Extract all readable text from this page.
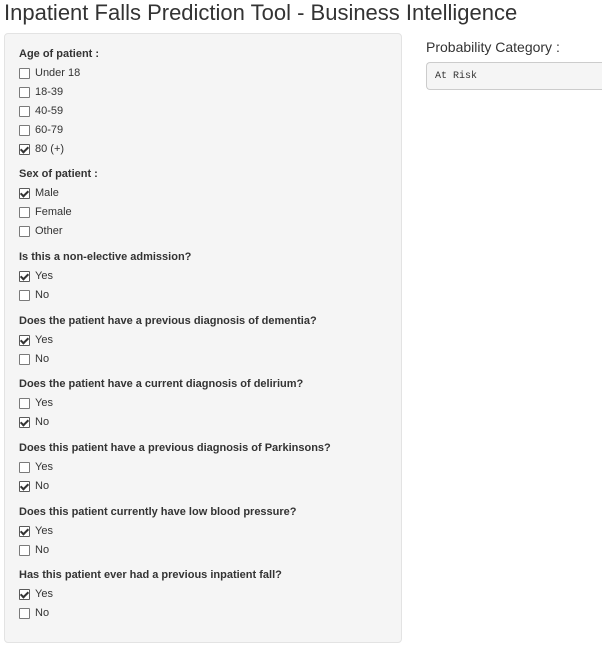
Inpatient Falls Prediction Tool - Business Intelligence
Age of patient :
Under 18
18-39
40-59
60-79
80 (+)
Sex of patient :
Male
Female
Other
Is this a non-elective admission?
Yes
No
Does the patient have a previous diagnosis of dementia?
Yes
No
Does the patient have a current diagnosis of delirium?
Yes
No
Does this patient have a previous diagnosis of Parkinsons?
Yes
No
Does this patient currently have low blood pressure?
Yes
No
Has this patient ever had a previous inpatient fall?
Yes
No
Probability Category :
At Risk
